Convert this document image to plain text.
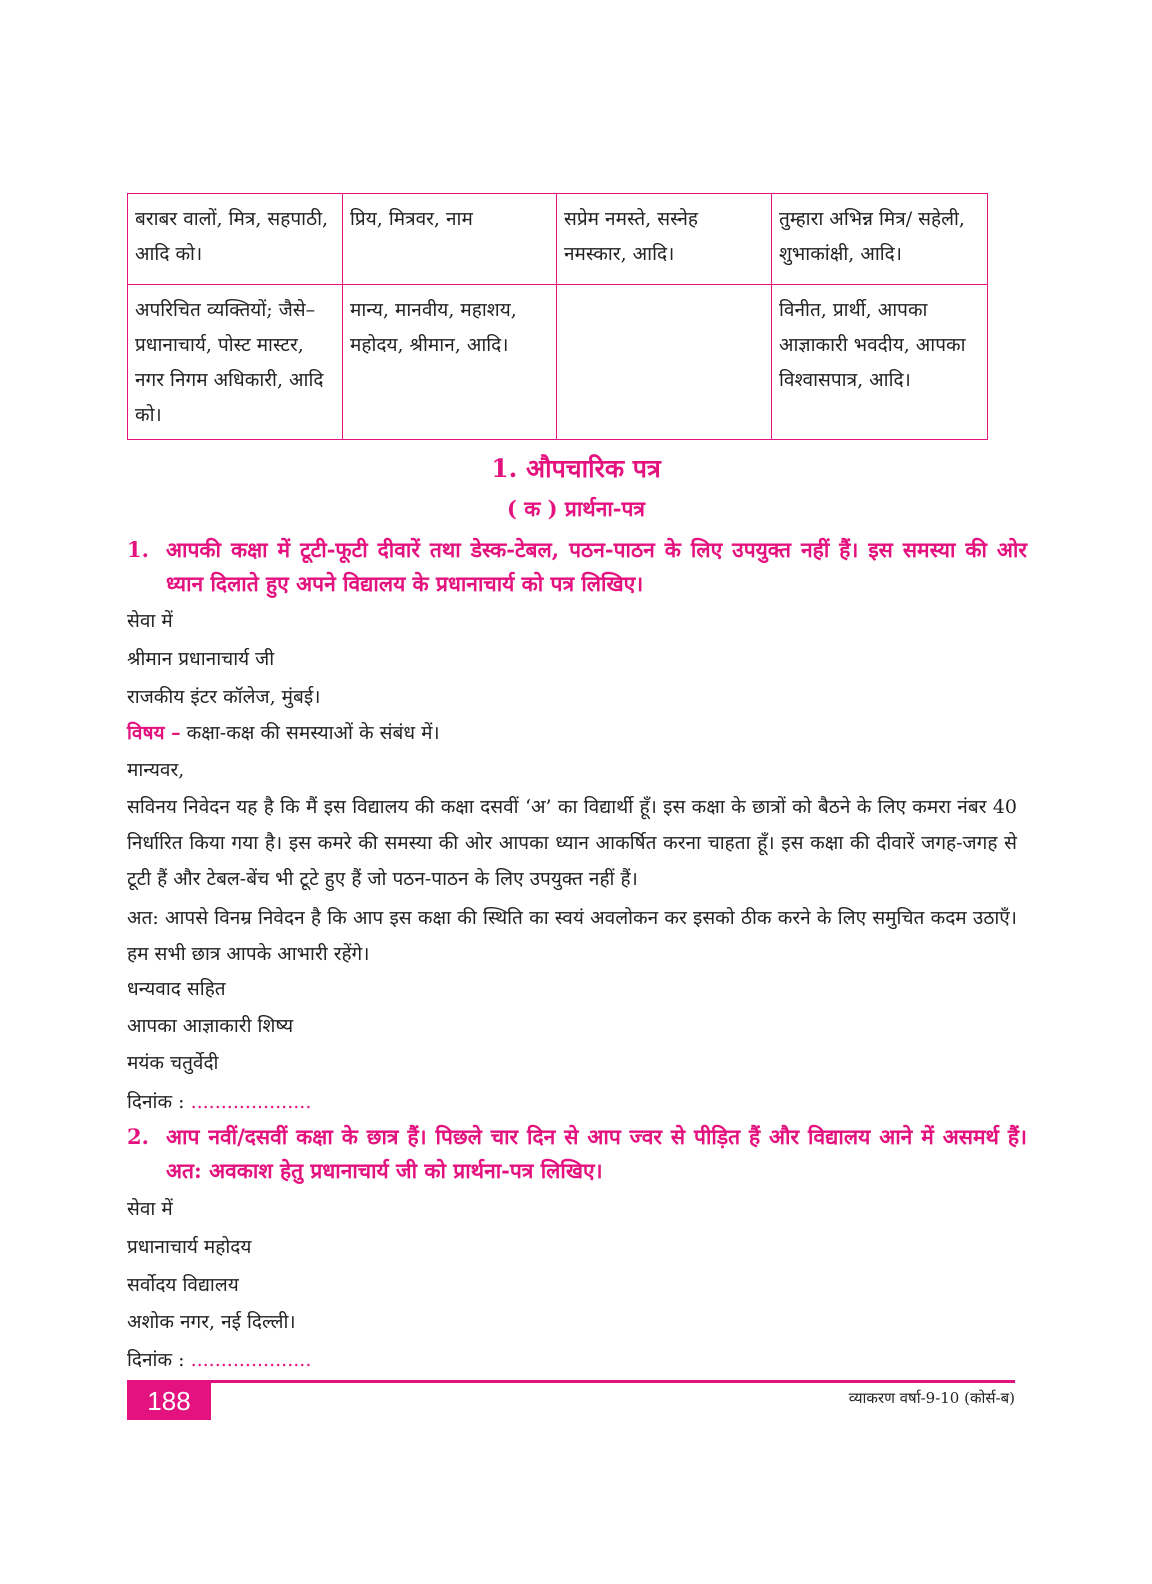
बराबर वालों, मित्र, सहपाठी, आदि को।	प्रिय, मित्रवर, नाम	सप्रेम नमस्ते, सस्नेह नमस्कार, आदि।	तुम्हारा अभिन्न मित्र/ सहेली, शुभाकांक्षी, आदि।
अपरिचित व्यक्तियों; जैसे– प्रधानाचार्य, पोस्ट मास्टर, नगर निगम अधिकारी, आदि को।	मान्य, मानवीय, महाशय, महोदय, श्रीमान, आदि।		विनीत, प्रार्थी, आपका आज्ञाकारी भवदीय, आपका विश्वासपात्र, आदि।
1. औपचारिक पत्र
( क ) प्रार्थना-पत्र
1. आपकी कक्षा में टूटी-फूटी दीवारें तथा डेस्क-टेबल, पठन-पाठन के लिए उपयुक्त नहीं हैं। इस समस्या की ओर ध्यान दिलाते हुए अपने विद्यालय के प्रधानाचार्य को पत्र लिखिए।
सेवा में
श्रीमान प्रधानाचार्य जी
राजकीय इंटर कॉलेज, मुंबई।
विषय – कक्षा-कक्ष की समस्याओं के संबंध में।
मान्यवर,
सविनय निवेदन यह है कि मैं इस विद्यालय की कक्षा दसवीं ‘अ’ का विद्यार्थी हूँ। इस कक्षा के छात्रों को बैठने के लिए कमरा नंबर 40 निर्धारित किया गया है। इस कमरे की समस्या की ओर आपका ध्यान आकर्षित करना चाहता हूँ। इस कक्षा की दीवारें जगह-जगह से टूटी हैं और टेबल-बेंच भी टूटे हुए हैं जो पठन-पाठन के लिए उपयुक्त नहीं हैं।
अत: आपसे विनम्र निवेदन है कि आप इस कक्षा की स्थिति का स्वयं अवलोकन कर इसको ठीक करने के लिए समुचित कदम उठाएँ। हम सभी छात्र आपके आभारी रहेंगे।
धन्यवाद सहित
आपका आज्ञाकारी शिष्य
मयंक चतुर्वेदी
दिनांक : ....................
2. आप नवीं/दसवीं कक्षा के छात्र हैं। पिछले चार दिन से आप ज्वर से पीड़ित हैं और विद्यालय आने में असमर्थ हैं। अत: अवकाश हेतु प्रधानाचार्य जी को प्रार्थना-पत्र लिखिए।
सेवा में
प्रधानाचार्य महोदय
सर्वोदय विद्यालय
अशोक नगर, नई दिल्ली।
दिनांक : ....................
188	व्याकरण वर्षा-9-10 (कोर्स-ब)
